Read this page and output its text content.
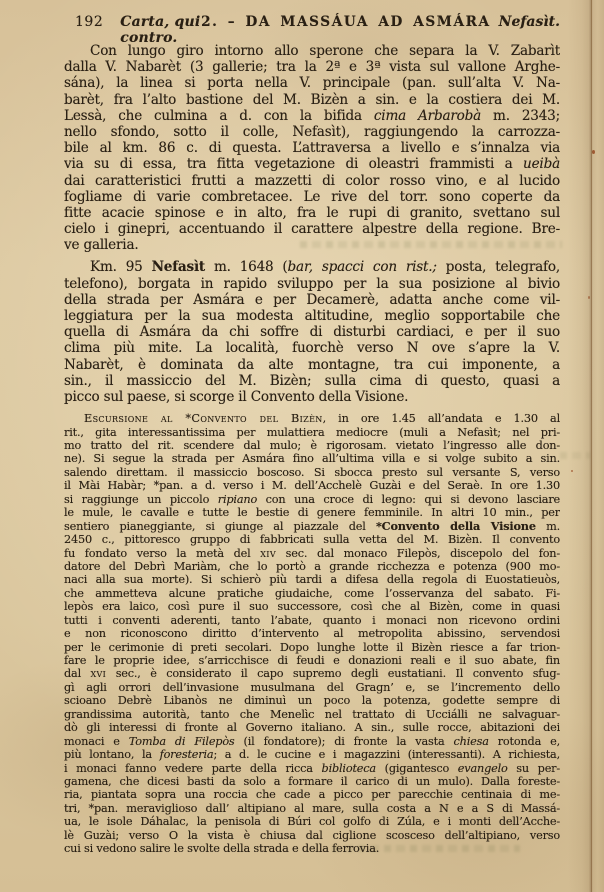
192 Carta, qui contro.
2. – DA MASSÁUA AD ASMÁRA Nefasìt.
Con lungo giro intorno allo sperone che separa la V. Zabarìt
dalla V. Nabarèt (3 gallerie; tra la 2ª e 3ª vista sul vallone Arghe-
sána), la linea si porta nella V. principale (pan. sull’alta V. Na-
barèt, fra l’alto bastione del M. Bizèn a sin. e la costiera dei M.
Lessà, che culmina a d. con la bifida cima Arbarobà m. 2343;
nello sfondo, sotto il colle, Nefasìt), raggiungendo la carrozza-
bile al km. 86 c. di questa. L’attraversa a livello e s’innalza via
via su di essa, tra fitta vegetazione di oleastri frammisti a ueibà
dai caratteristici frutti a mazzetti di color rosso vino, e al lucido
fogliame di varie combretacee. Le rive del torr. sono coperte da
fitte acacie spinose e in alto, fra le rupi di granito, svettano sul
cielo i ginepri, accentuando il carattere alpestre della regione. Bre-
ve galleria.
Km. 95 Nefasìt m. 1648 (bar, spacci con rist.; posta, telegrafo,
telefono), borgata in rapido sviluppo per la sua posizione al bivio
della strada per Asmára e per Decamerè, adatta anche come vil-
leggiatura per la sua modesta altitudine, meglio sopportabile che
quella di Asmára da chi soffre di disturbi cardiaci, e per il suo
clima più mite. La località, fuorchè verso N ove s’apre la V.
Nabarèt, è dominata da alte montagne, tra cui imponente, a
sin., il massiccio del M. Bizèn; sulla cima di questo, quasi a
picco sul paese, si scorge il Convento della Visione.
Escursione al *Convento del Bizèn, in ore 1.45 all’andata e 1.30 al
rit., gita interessantissima per mulattiera mediocre (muli a Nefasìt; nel pri-
mo tratto del rit. scendere dal mulo; è rigorosam. vietato l’ingresso alle don-
ne). Si segue la strada per Asmára fino all’ultima villa e si volge subito a sin.
salendo direttam. il massiccio boscoso. Si sbocca presto sul versante S, verso
il Mài Habàr; *pan. a d. verso i M. dell’Acchelè Guzài e del Seraè. In ore 1.30
si raggiunge un piccolo ripiano con una croce di legno: qui si devono lasciare
le mule, le cavalle e tutte le bestie di genere femminile. In altri 10 min., per
sentiero pianeggiante, si giunge al piazzale del *Convento della Visione m.
2450 c., pittoresco gruppo di fabbricati sulla vetta del M. Bizèn. Il convento
fu fondato verso la metà del xiv sec. dal monaco Filepòs, discepolo del fon-
datore del Debrì Mariàm, che lo portò a grande ricchezza e potenza (900 mo-
naci alla sua morte). Si schierò più tardi a difesa della regola di Euostatieuòs,
che ammetteva alcune pratiche giudaiche, come l’osservanza del sabato. Fi-
lepòs era laico, così pure il suo successore, così che al Bizèn, come in quasi
tutti i conventi aderenti, tanto l’abate, quanto i monaci non ricevono ordini
e non riconoscono diritto d’intervento al metropolita abissino, servendosi
per le cerimonie di preti secolari. Dopo lunghe lotte il Bizèn riesce a far trion-
fare le proprie idee, s’arricchisce di feudi e donazioni reali e il suo abate, fin
dal xvi sec., è considerato il capo supremo degli eustatiani. Il convento sfug-
gì agli orrori dell’invasione musulmana del Gragn’ e, se l’incremento dello
scioano Debrè Libanòs ne diminuì un poco la potenza, godette sempre di
grandissima autorità, tanto che Menelìc nel trattato di Ucciálli ne salvaguar-
dò gli interessi di fronte al Governo italiano. A sin., sulle rocce, abitazioni dei
monaci e Tomba di Filepòs (il fondatore); di fronte la vasta chiesa rotonda e,
più lontano, la foresteria; a d. le cucine e i magazzini (interessanti). A richiesta,
i monaci fanno vedere parte della ricca biblioteca (gigantesco evangelo su per-
gamena, che dicesi basti da solo a formare il carico di un mulo). Dalla foreste-
ria, piantata sopra una roccia che cade a picco per parecchie centinaia di me-
tri, *pan. meraviglioso dall’ altipiano al mare, sulla costa a N e a S di Massá-
ua, le isole Dáhalac, la penisola di Búri col golfo di Zúla, e i monti dell’Acche-
lè Guzài; verso O la vista è chiusa dal ciglione scosceso dell’altipiano, verso
cui si vedono salire le svolte della strada e della ferrovia.
